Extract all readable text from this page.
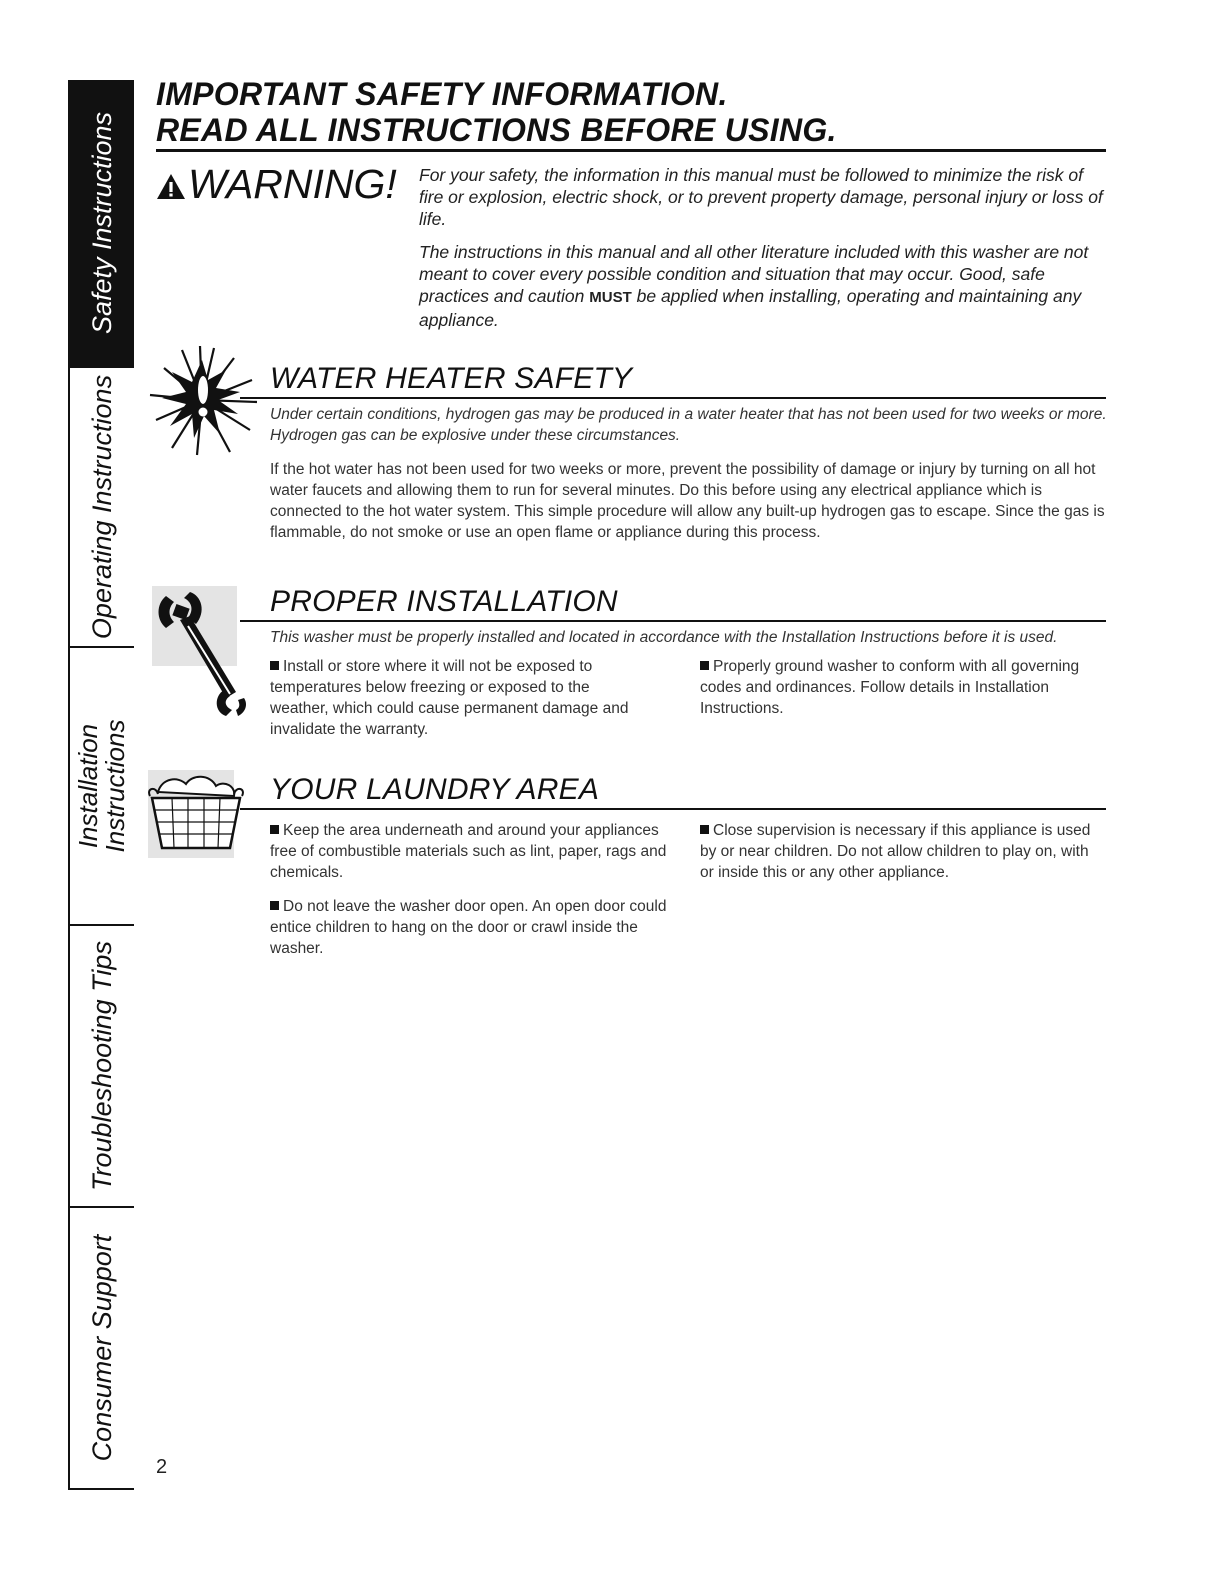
Safety Instructions
Operating Instructions
Installation
Instructions
Troubleshooting Tips
Consumer Support
IMPORTANT SAFETY INFORMATION.
READ ALL INSTRUCTIONS BEFORE USING.
WARNING! For your safety, the information in this manual must be followed to minimize the risk of fire or explosion, electric shock, or to prevent property damage, personal injury or loss of life.
The instructions in this manual and all other literature included with this washer are not meant to cover every possible condition and situation that may occur. Good, safe practices and caution MUST be applied when installing, operating and maintaining any appliance.
WATER HEATER SAFETY
Under certain conditions, hydrogen gas may be produced in a water heater that has not been used for two weeks or more. Hydrogen gas can be explosive under these circumstances.
If the hot water has not been used for two weeks or more, prevent the possibility of damage or injury by turning on all hot water faucets and allowing them to run for several minutes. Do this before using any electrical appliance which is connected to the hot water system. This simple procedure will allow any built-up hydrogen gas to escape. Since the gas is flammable, do not smoke or use an open flame or appliance during this process.
PROPER INSTALLATION
This washer must be properly installed and located in accordance with the Installation Instructions before it is used.
Install or store where it will not be exposed to temperatures below freezing or exposed to the weather, which could cause permanent damage and invalidate the warranty.
Properly ground washer to conform with all governing codes and ordinances. Follow details in Installation Instructions.
YOUR LAUNDRY AREA
Keep the area underneath and around your appliances free of combustible materials such as lint, paper, rags and chemicals.
Close supervision is necessary if this appliance is used by or near children. Do not allow children to play on, with or inside this or any other appliance.
Do not leave the washer door open. An open door could entice children to hang on the door or crawl inside the washer.
2
